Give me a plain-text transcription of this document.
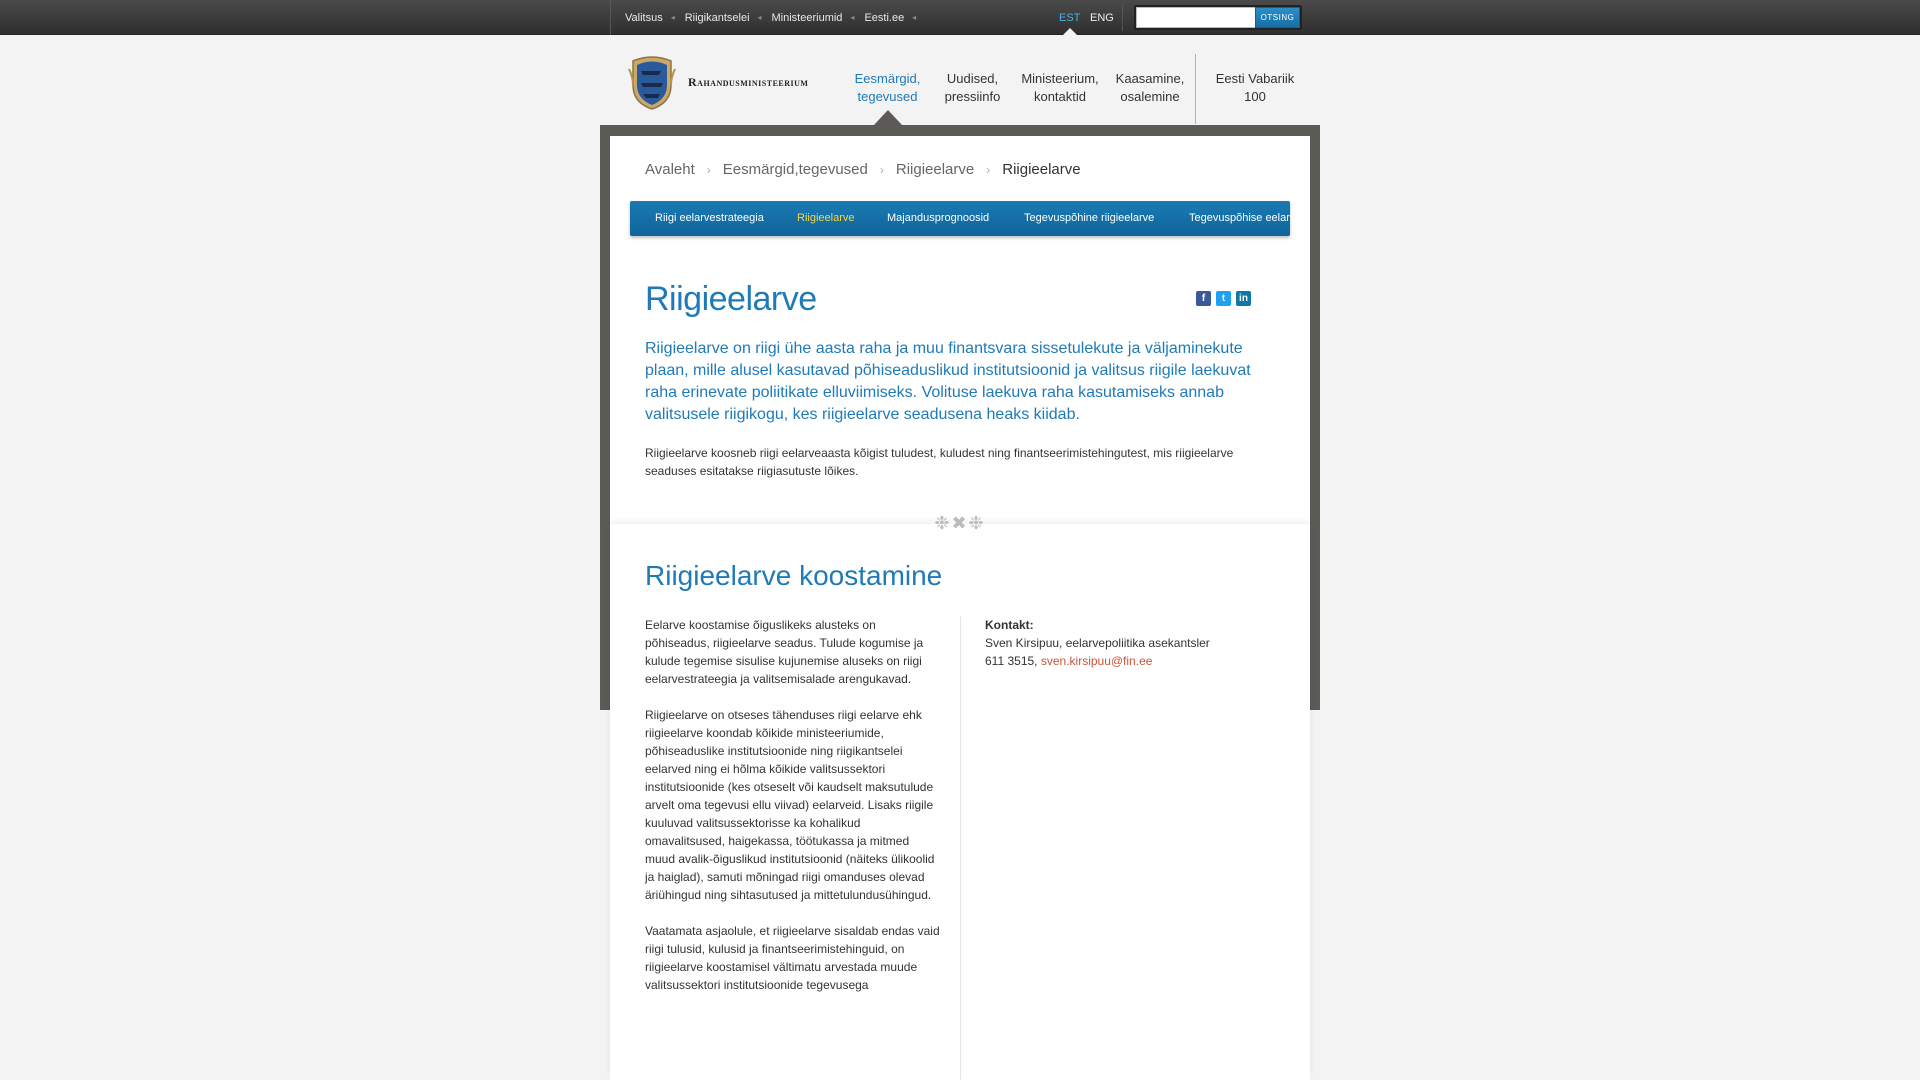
Valitsus ◂ Riigikantselei ◂ Ministeeriumid ◂ Eesti.ee ◂	EST ENG	OTSING
Rahandusministeerium	Eesmärgid,
tegevused
Uudised,
pressiinfo
Ministeerium,
kontaktid
Kaasamine,
osalemine
Eesti Vabariik
100
Avaleht › Eesmärgid,tegevused › Riigieelarve › Riigieelarve
Riigi eelarvestrateegia	Riigieelarve	Majandusprognoosid	Tegevuspõhine riigieelarve	Tegevuspõhise eelarve
Riigieelarve	f	t	in

Riigieelarve on riigi ühe aasta raha ja muu finantsvara sissetulekute ja väljaminekute plaan, mille alusel kasutavad põhiseaduslikud institutsioonid ja valitsus riigile laekuvat raha erinevate poliitikate elluviimiseks. Volituse laekuva raha kasutamiseks annab valitsusele riigikogu, kes riigieelarve seadusena heaks kiidab.

Riigieelarve koosneb riigi eelarveaasta kõigist tuludest, kuludest ning finantseerimistehingutest, mis riigieelarve seaduses esitatakse riigiasutuste lõikes.

❉✖❉
Riigieelarve koostamine

Eelarve koostamise õiguslikeks alusteks on põhiseadus, riigieelarve seadus. Tulude kogumise ja kulude tegemise sisulise kujunemise aluseks on riigi eelarvestrateegia ja valitsemisalade arengukavad.

Riigieelarve on otseses tähenduses riigi eelarve ehk riigieelarve koondab kõikide ministeeriumide, põhiseaduslike institutsioonide ning riigikantselei eelarved ning ei hõlma kõikide valitsussektori institutsioonide (kes otseselt või kaudselt maksutulude arvelt oma tegevusi ellu viivad) eelarveid. Lisaks riigile kuuluvad valitsussektorisse ka kohalikud omavalitsused, haigekassa, töötukassa ja mitmed muud avalik-õiguslikud institutsioonid (näiteks ülikoolid ja haiglad), samuti mõningad riigi omanduses olevad äriühingud ning sihtasutused ja mittetulundusühingud.

Vaatamata asjaolule, et riigieelarve sisaldab endas vaid riigi tulusid, kulusid ja finantseerimistehinguid, on riigieelarve koostamisel vältimatu arvestada muude valitsussektori institutsioonide tegevusega

Kontakt:
Sven Kirsipuu, eelarvepoliitika asekantsler
611 3515, sven.kirsipuu@fin.ee
